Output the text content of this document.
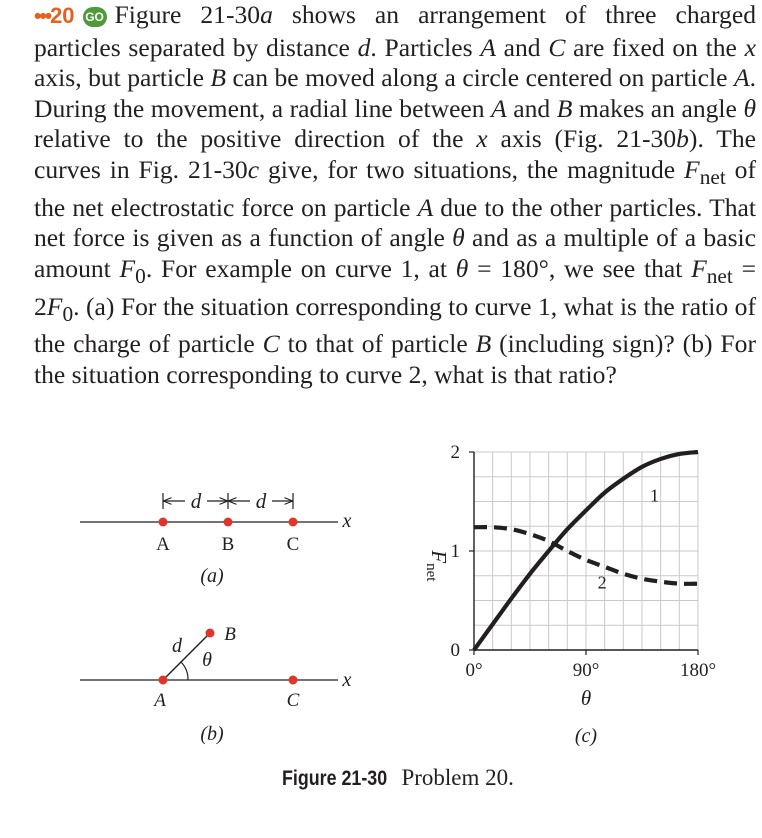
•••20 GO Figure 21-30a shows an arrangement of three charged particles separated by distance d. Particles A and C are fixed on the x axis, but particle B can be moved along a circle centered on particle A. During the movement, a radial line between A and B makes an angle θ relative to the positive direction of the x axis (Fig. 21-30b). The curves in Fig. 21-30c give, for two situations, the magnitude $F_{net}$ of the net electrostatic force on particle A due to the other particles. That net force is given as a function of angle θ and as a multiple of a basic amount $F_0$. For example on curve 1, at θ = 180°, we see that $F_{net} = 2F_0$. (a) For the situation corresponding to curve 1, what is the ratio of the charge of particle C to that of particle B (including sign)? (b) For the situation corresponding to curve 2, what is that ratio?
d	d
A	B	C
x
(a)
d
θ
A
B
C
x
(b)
0
1
2
0°	90°	180°
θ
$F_{net}$
1
2
(c)
Figure 21-30 Problem 20.
